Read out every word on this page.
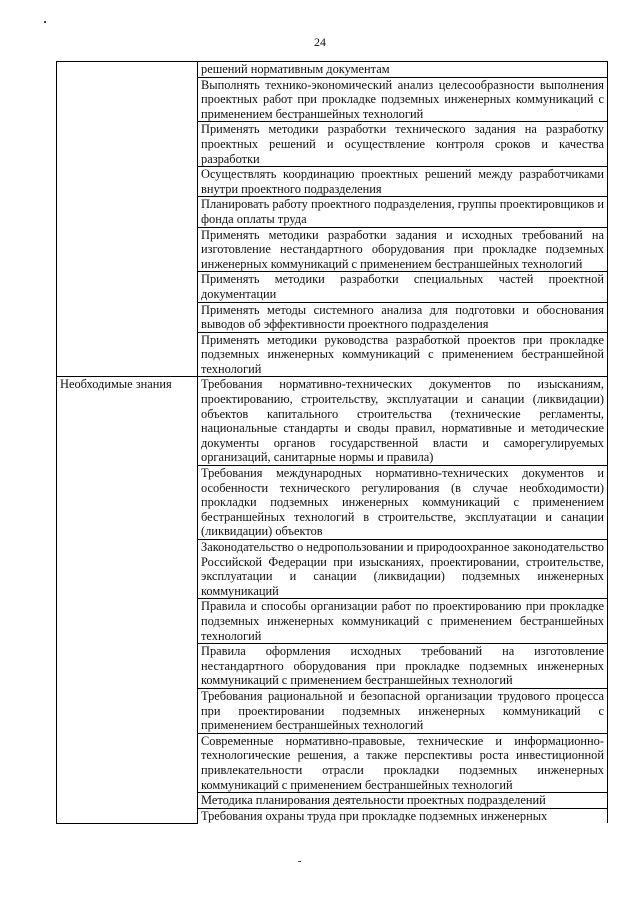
24
	решений нормативным документам
	Выполнять технико-экономический анализ целесообразности выполнения проектных работ при прокладке подземных инженерных коммуникаций с применением бестраншейных технологий
	Применять методики разработки технического задания на разработку проектных решений и осуществление контроля сроков и качества разработки
	Осуществлять координацию проектных решений между разработчиками внутри проектного подразделения
	Планировать работу проектного подразделения, группы проектировщиков и фонда оплаты труда
	Применять методики разработки задания и исходных требований на изготовление нестандартного оборудования при прокладке подземных инженерных коммуникаций с применением бестраншейных технологий
	Применять методики разработки специальных частей проектной документации
	Применять методы системного анализа для подготовки и обоснования выводов об эффективности проектного подразделения
	Применять методики руководства разработкой проектов при прокладке подземных инженерных коммуникаций с применением бестраншейной технологий
Необходимые знания	Требования нормативно-технических документов по изысканиям, проектированию, строительству, эксплуатации и санации (ликвидации) объектов капитального строительства (технические регламенты, национальные стандарты и своды правил, нормативные и методические документы органов государственной власти и саморегулируемых организаций, санитарные нормы и правила)
	Требования международных нормативно-технических документов и особенности технического регулирования (в случае необходимости) прокладки подземных инженерных коммуникаций с применением бестраншейных технологий в строительстве, эксплуатации и санации (ликвидации) объектов
	Законодательство о недропользовании и природоохранное законодательство Российской Федерации при изысканиях, проектировании, строительстве, эксплуатации и санации (ликвидации) подземных инженерных коммуникаций
	Правила и способы организации работ по проектированию при прокладке подземных инженерных коммуникаций с применением бестраншейных технологий
	Правила оформления исходных требований на изготовление нестандартного оборудования при прокладке подземных инженерных коммуникаций с применением бестраншейных технологий
	Требования рациональной и безопасной организации трудового процесса при проектировании подземных инженерных коммуникаций с применением бестраншейных технологий
	Современные нормативно-правовые, технические и информационно-технологические решения, а также перспективы роста инвестиционной привлекательности отрасли прокладки подземных инженерных коммуникаций с применением бестраншейных технологий
	Методика планирования деятельности проектных подразделений
	Требования охраны труда при прокладке подземных инженерных
